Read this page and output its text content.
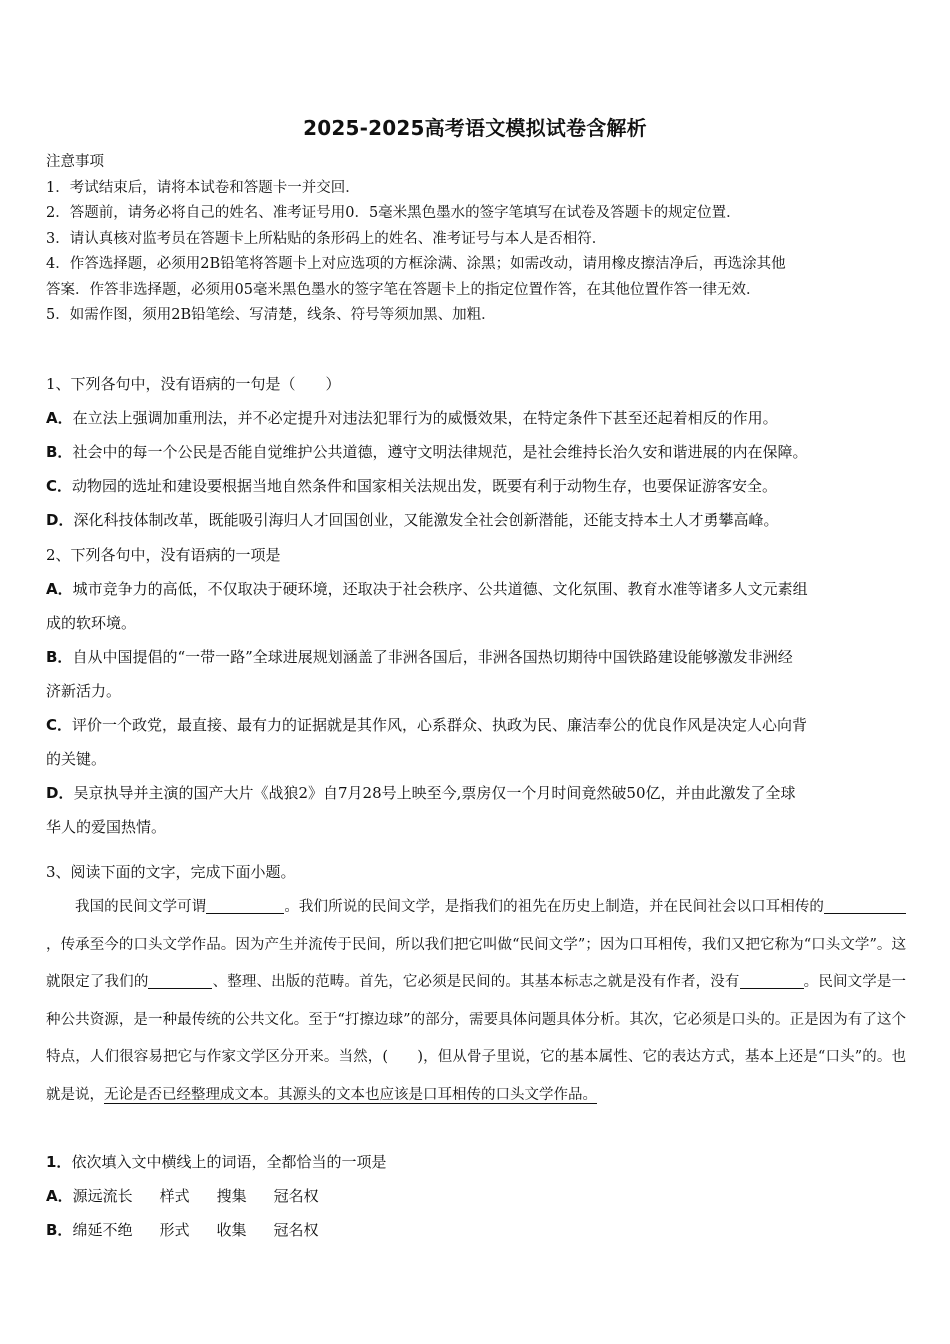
2025-2025高考语文模拟试卷含解析
注意事项
1．考试结束后，请将本试卷和答题卡一并交回．
2．答题前，请务必将自己的姓名、准考证号用0．5毫米黑色墨水的签字笔填写在试卷及答题卡的规定位置．
3．请认真核对监考员在答题卡上所粘贴的条形码上的姓名、准考证号与本人是否相符．
4．作答选择题，必须用2B铅笔将答题卡上对应选项的方框涂满、涂黑；如需改动，请用橡皮擦洁净后，再选涂其他
答案．作答非选择题，必须用05毫米黑色墨水的签字笔在答题卡上的指定位置作答，在其他位置作答一律无效．
5．如需作图，须用2B铅笔绘、写清楚，线条、符号等须加黑、加粗．
1、下列各句中，没有语病的一句是（　　）
A．在立法上强调加重刑法，并不必定提升对违法犯罪行为的威慑效果，在特定条件下甚至还起着相反的作用。
B．社会中的每一个公民是否能自觉维护公共道德，遵守文明法律规范，是社会维持长治久安和谐进展的内在保障。
C．动物园的选址和建设要根据当地自然条件和国家相关法规出发，既要有利于动物生存，也要保证游客安全。
D．深化科技体制改革，既能吸引海归人才回国创业，又能激发全社会创新潜能，还能支持本土人才勇攀高峰。
2、下列各句中，没有语病的一项是
A．城市竞争力的高低，不仅取决于硬环境，还取决于社会秩序、公共道德、文化氛围、教育水准等诸多人文元素组
成的软环境。
B．自从中国提倡的“一带一路”全球进展规划涵盖了非洲各国后，非洲各国热切期待中国铁路建设能够激发非洲经
济新活力。
C．评价一个政党，最直接、最有力的证据就是其作风，心系群众、执政为民、廉洁奉公的优良作风是决定人心向背
的关键。
D．吴京执导并主演的国产大片《战狼2》自7月28号上映至今,票房仅一个月时间竟然破50亿，并由此激发了全球
华人的爱国热情。
3、阅读下面的文字，完成下面小题。
我国的民间文学可谓	。我们所说的民间文学，是指我们的祖先在历史上制造，并在民间社会以口耳相传的，传承至今的口头文学作品。因为产生并流传于民间，所以我们把它叫做“民间文学”；因为口耳相传，我们又把它称为“口头文学”。这就限定了我们的	、整理、出版的范畴。首先，它必须是民间的。其基本标志之就是没有作者，没有	。民间文学是一种公共资源，是一种最传统的公共文化。至于“打擦边球”的部分，需要具体问题具体分析。其次，它必须是口头的。正是因为有了这个特点，人们很容易把它与作家文学区分开来。当然，(　　)，但从骨子里说，它的基本属性、它的表达方式，基本上还是“口头”的。也就是说，无论是否已经整理成文本。其源头的文本也应该是口耳相传的口头文学作品。
1．依次填入文中横线上的词语，全都恰当的一项是
A．源远流长 样式 搜集 冠名权
B．绵延不绝 形式 收集 冠名权
